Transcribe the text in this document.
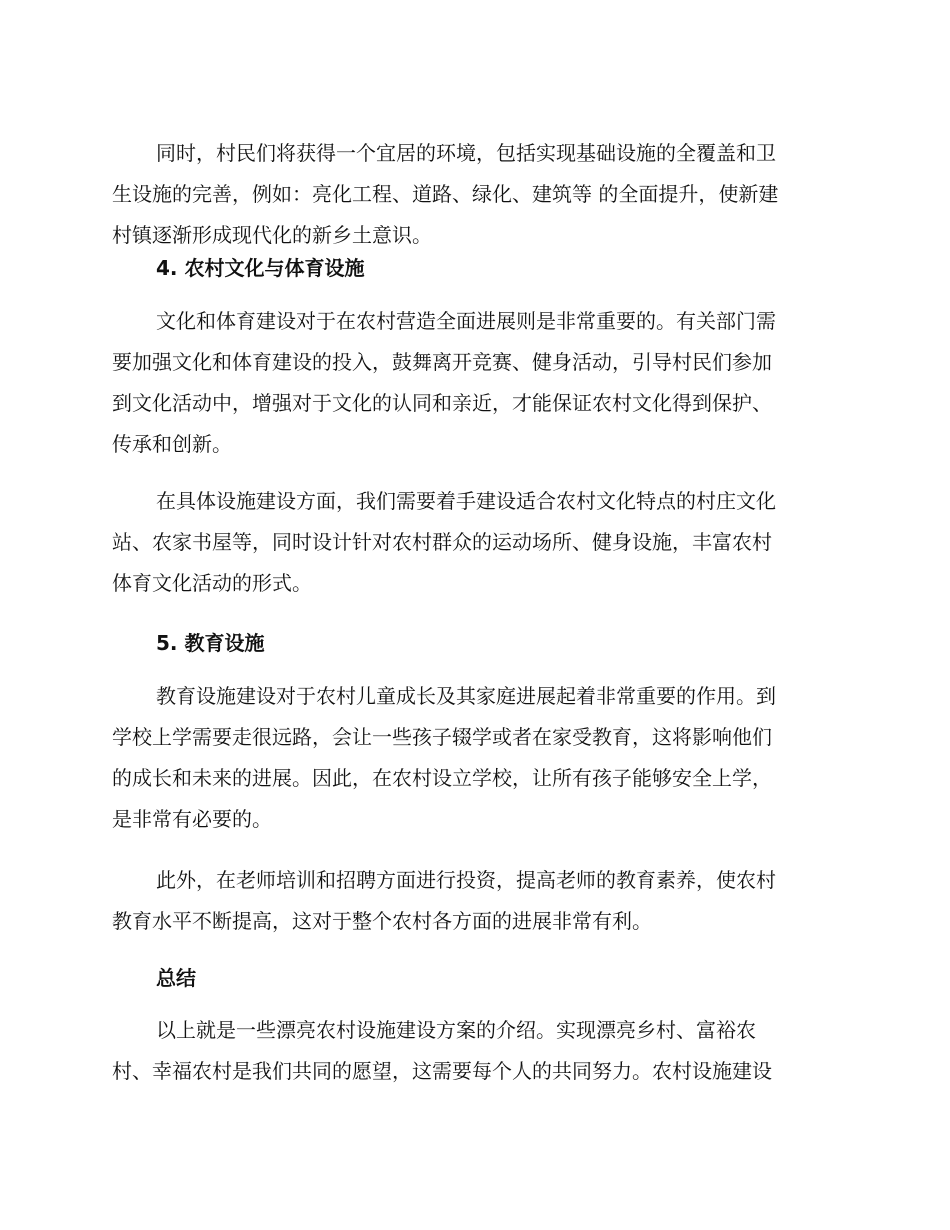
同时，村民们将获得一个宜居的环境，包括实现基础设施的全覆盖和卫
生设施的完善，例如：亮化工程、道路、绿化、建筑等 的全面提升，使新建
村镇逐渐形成现代化的新乡土意识。
4. 农村文化与体育设施
文化和体育建设对于在农村营造全面进展则是非常重要的。有关部门需
要加强文化和体育建设的投入，鼓舞离开竞赛、健身活动，引导村民们参加
到文化活动中，增强对于文化的认同和亲近，才能保证农村文化得到保护、
传承和创新。
在具体设施建设方面，我们需要着手建设适合农村文化特点的村庄文化
站、农家书屋等，同时设计针对农村群众的运动场所、健身设施，丰富农村
体育文化活动的形式。
5. 教育设施
教育设施建设对于农村儿童成长及其家庭进展起着非常重要的作用。到
学校上学需要走很远路，会让一些孩子辍学或者在家受教育，这将影响他们
的成长和未来的进展。因此，在农村设立学校，让所有孩子能够安全上学，
是非常有必要的。
此外，在老师培训和招聘方面进行投资，提高老师的教育素养，使农村
教育水平不断提高，这对于整个农村各方面的进展非常有利。
总结
以上就是一些漂亮农村设施建设方案的介绍。实现漂亮乡村、富裕农
村、幸福农村是我们共同的愿望，这需要每个人的共同努力。农村设施建设
